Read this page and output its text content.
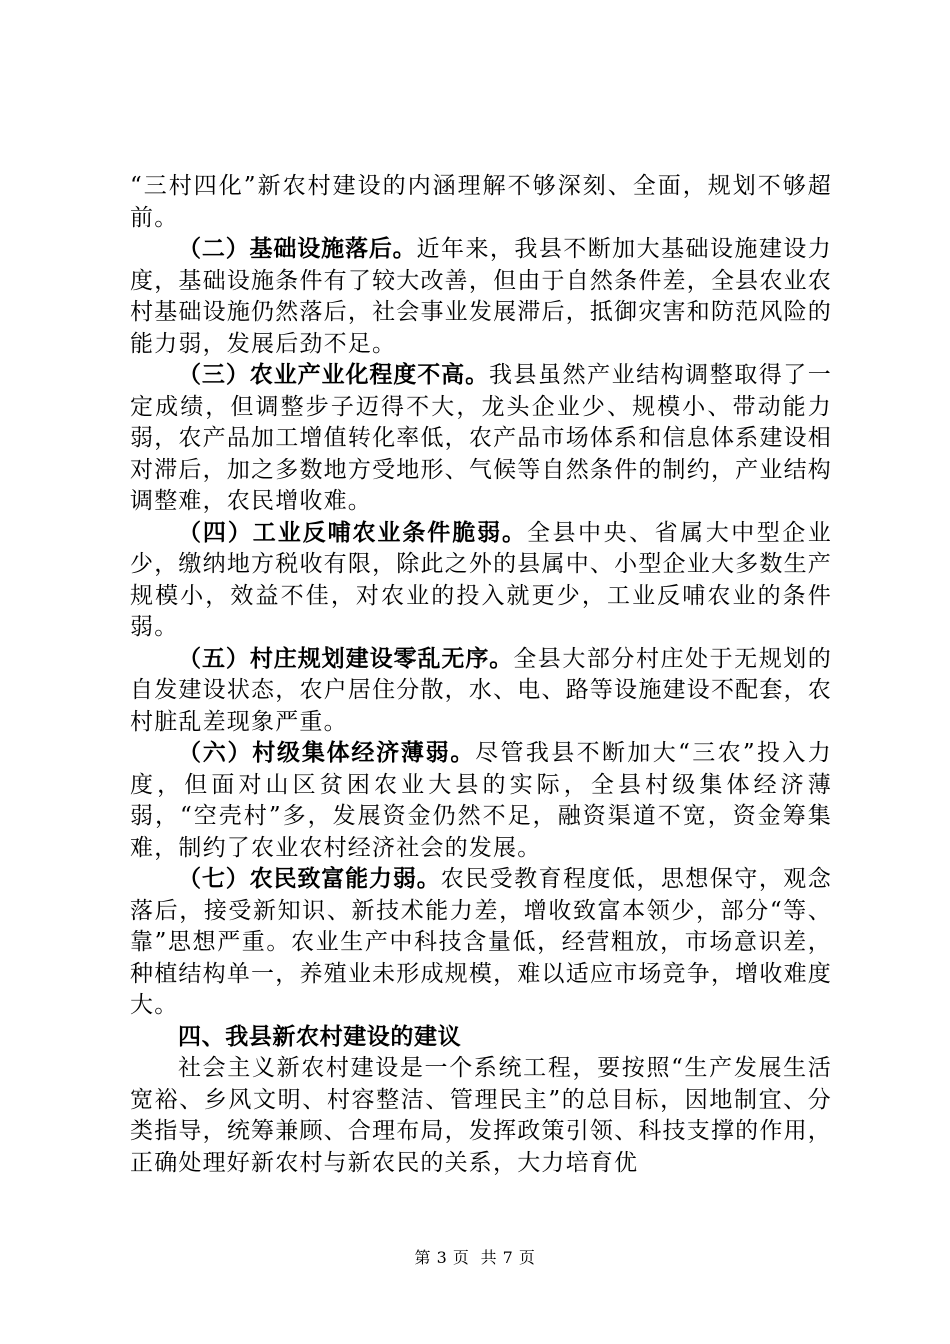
“三村四化”新农村建设的内涵理解不够深刻、全面，规划不够超前。

（二）基础设施落后。近年来，我县不断加大基础设施建设力度，基础设施条件有了较大改善，但由于自然条件差，全县农业农村基础设施仍然落后，社会事业发展滞后，抵御灾害和防范风险的能力弱，发展后劲不足。

（三）农业产业化程度不高。我县虽然产业结构调整取得了一定成绩，但调整步子迈得不大，龙头企业少、规模小、带动能力弱，农产品加工增值转化率低，农产品市场体系和信息体系建设相对滞后，加之多数地方受地形、气候等自然条件的制约，产业结构调整难，农民增收难。

（四）工业反哺农业条件脆弱。全县中央、省属大中型企业少，缴纳地方税收有限，除此之外的县属中、小型企业大多数生产规模小，效益不佳，对农业的投入就更少，工业反哺农业的条件弱。

（五）村庄规划建设零乱无序。全县大部分村庄处于无规划的自发建设状态，农户居住分散，水、电、路等设施建设不配套，农村脏乱差现象严重。

（六）村级集体经济薄弱。尽管我县不断加大“三农”投入力度，但面对山区贫困农业大县的实际，全县村级集体经济薄弱，“空壳村”多，发展资金仍然不足，融资渠道不宽，资金筹集难，制约了农业农村经济社会的发展。

（七）农民致富能力弱。农民受教育程度低，思想保守，观念落后，接受新知识、新技术能力差，增收致富本领少，部分“等、靠”思想严重。农业生产中科技含量低，经营粗放，市场意识差，种植结构单一，养殖业未形成规模，难以适应市场竞争，增收难度大。

四、我县新农村建设的建议

社会主义新农村建设是一个系统工程，要按照“生产发展生活宽裕、乡风文明、村容整洁、管理民主”的总目标，因地制宜、分类指导，统筹兼顾、合理布局，发挥政策引领、科技支撑的作用，正确处理好新农村与新农民的关系，大力培育优

第 3 页  共 7 页
